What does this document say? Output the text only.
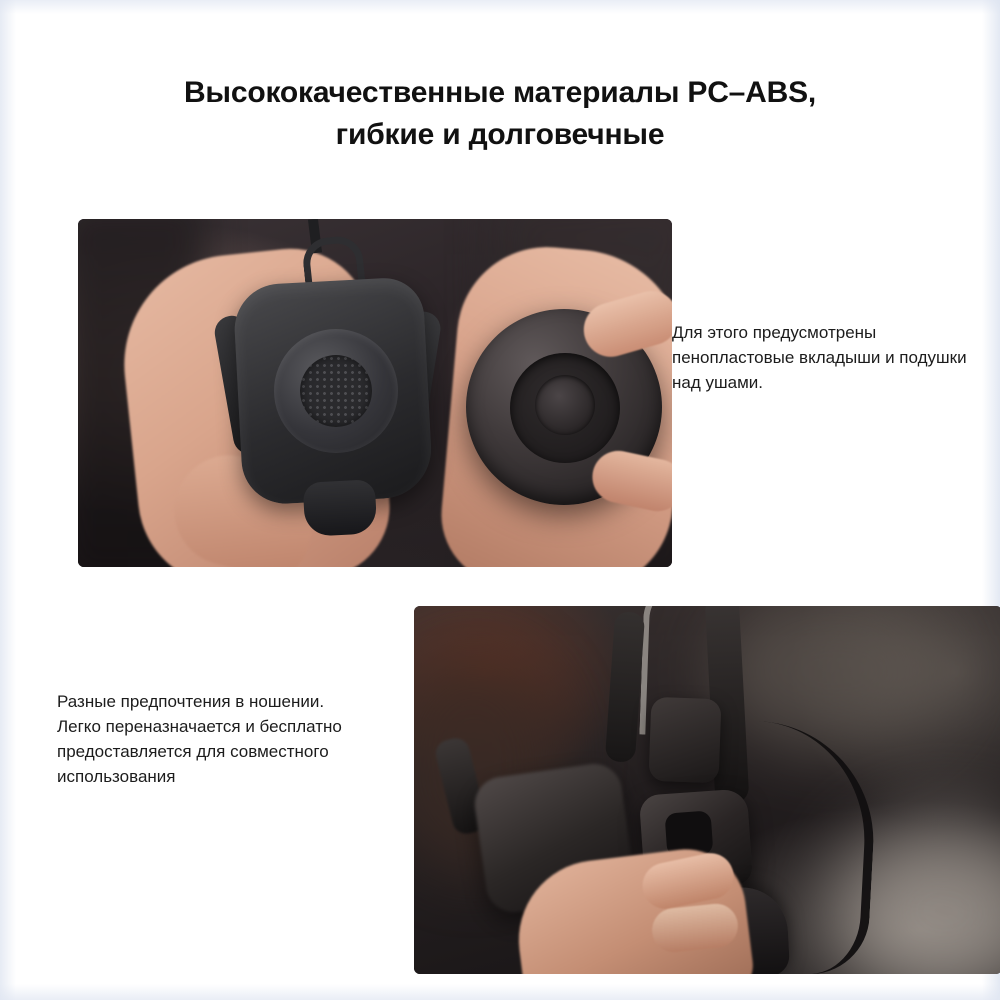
Высококачественные материалы PC–ABS,
гибкие и долговечные

Для этого предусмотрены пенопластовые вкладыши и подушки над ушами.

Разные предпочтения в ношении. Легко переназначается и бесплатно предоставляется для совместного использования
